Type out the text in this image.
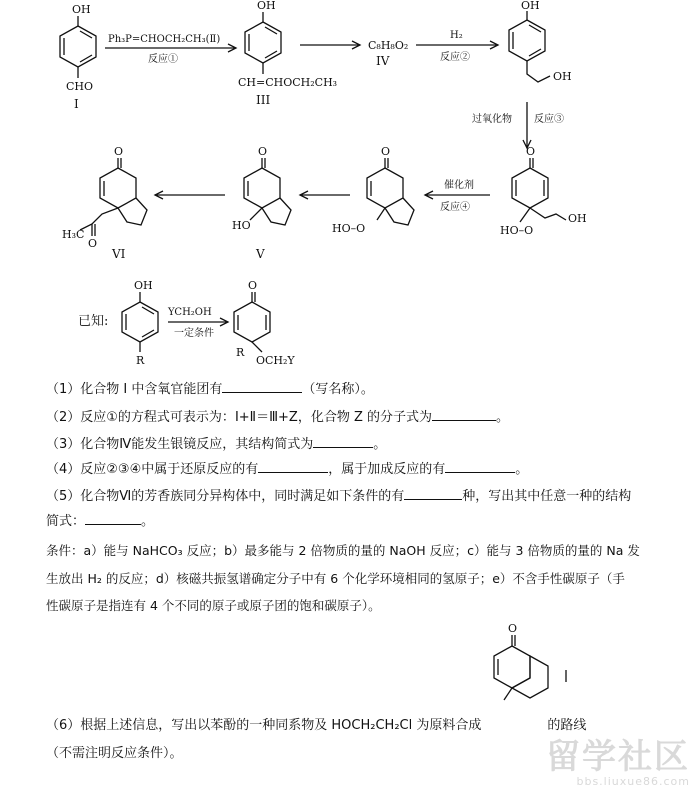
OH
CHO
I
Ph₃P=CHOCH₂CH₃(Ⅱ)
反应①
OH
CH=CHOCH₂CH₃
III
C₈H₈O₂
IV
H₂
反应②
OH
OH
过氧化物 反应③
O
HO–O
OH
催化剂
反应④
O
HO–O
O
HO
V
O
O
H₃C
VI
已知:
OH
R
YCH₂OH
一定条件
O
R
OCH₂Y
（1）化合物 I 中含氧官能团有	（写名称）。
（2）反应①的方程式可表示为：Ⅰ+Ⅱ＝Ⅲ+Z，化合物 Z 的分子式为	。
（3）化合物Ⅳ能发生银镜反应，其结构简式为	。
（4）反应②③④中属于还原反应的有	，属于加成反应的有	。
（5）化合物Ⅵ的芳香族同分异构体中，同时满足如下条件的有	种，写出其中任意一种的结构
简式：	。
条件：a）能与 NaHCO₃ 反应；b）最多能与 2 倍物质的量的 NaOH 反应；c）能与 3 倍物质的量的 Na 发
生放出 H₂ 的反应；d）核磁共振氢谱确定分子中有 6 个化学环境相同的氢原子；e）不含手性碳原子（手
性碳原子是指连有 4 个不同的原子或原子团的饱和碳原子）。
O
（6）根据上述信息，写出以苯酚的一种同系物及 HOCH₂CH₂Cl 为原料合成	的路线
（不需注明反应条件）。	留学社区
bbs.liuxue86.com
